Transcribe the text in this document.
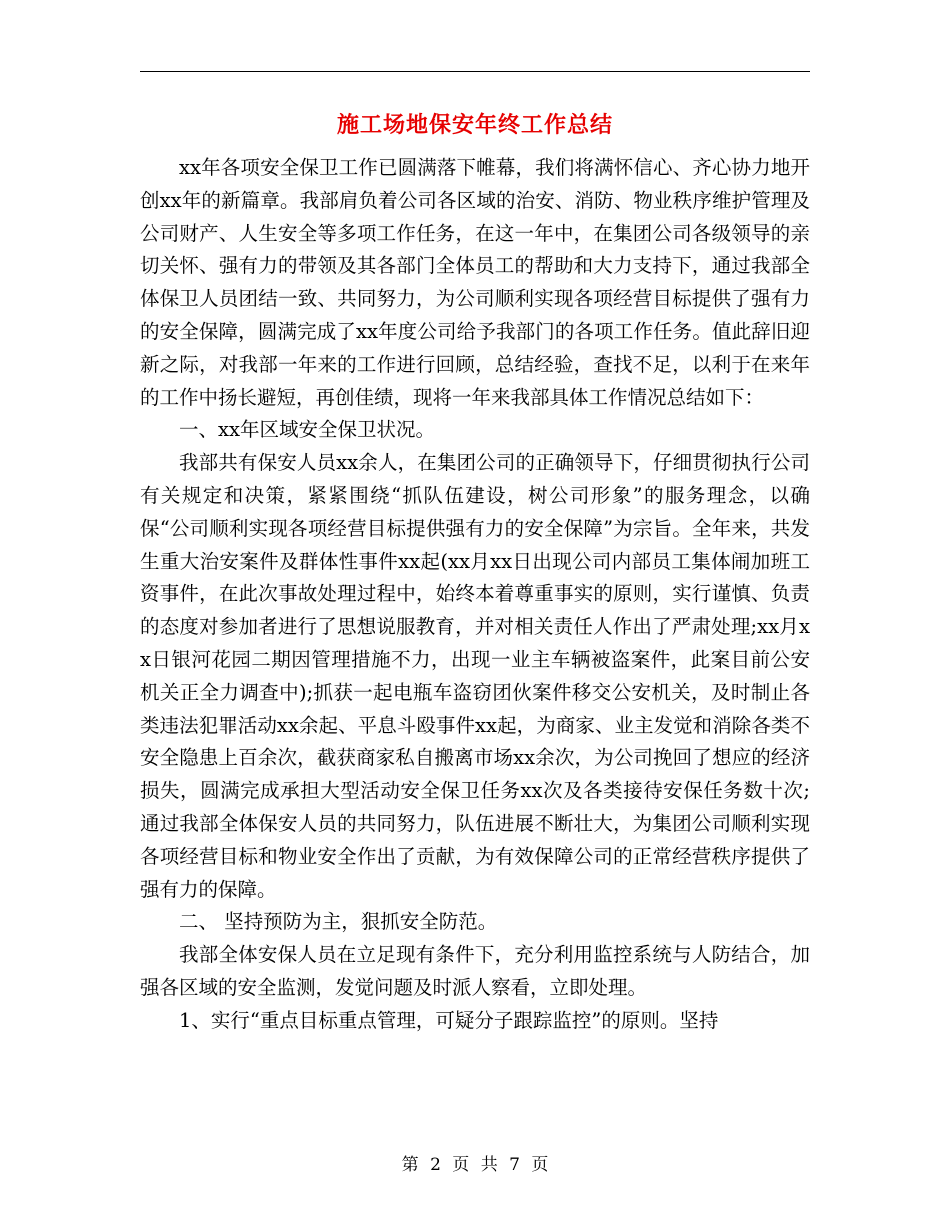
施工场地保安年终工作总结

xx年各项安全保卫工作已圆满落下帷幕，我们将满怀信心、齐心协力地开创xx年的新篇章。我部肩负着公司各区域的治安、消防、物业秩序维护管理及公司财产、人生安全等多项工作任务，在这一年中，在集团公司各级领导的亲切关怀、强有力的带领及其各部门全体员工的帮助和大力支持下，通过我部全体保卫人员团结一致、共同努力，为公司顺利实现各项经营目标提供了强有力的安全保障，圆满完成了xx年度公司给予我部门的各项工作任务。值此辞旧迎新之际，对我部一年来的工作进行回顾，总结经验，查找不足，以利于在来年的工作中扬长避短，再创佳绩，现将一年来我部具体工作情况总结如下：

一、xx年区域安全保卫状况。

我部共有保安人员xx余人，在集团公司的正确领导下，仔细贯彻执行公司有关规定和决策，紧紧围绕“抓队伍建设，树公司形象”的服务理念，以确保“公司顺利实现各项经营目标提供强有力的安全保障”为宗旨。全年来，共发生重大治安案件及群体性事件xx起(xx月xx日出现公司内部员工集体闹加班工资事件，在此次事故处理过程中，始终本着尊重事实的原则，实行谨慎、负责的态度对参加者进行了思想说服教育，并对相关责任人作出了严肃处理;xx月xx日银河花园二期因管理措施不力，出现一业主车辆被盗案件，此案目前公安机关正全力调查中);抓获一起电瓶车盗窃团伙案件移交公安机关，及时制止各类违法犯罪活动xx余起、平息斗殴事件xx起，为商家、业主发觉和消除各类不安全隐患上百余次，截获商家私自搬离市场xx余次，为公司挽回了想应的经济损失，圆满完成承担大型活动安全保卫任务xx次及各类接待安保任务数十次;通过我部全体保安人员的共同努力，队伍进展不断壮大，为集团公司顺利实现各项经营目标和物业安全作出了贡献，为有效保障公司的正常经营秩序提供了强有力的保障。

二、 坚持预防为主，狠抓安全防范。

我部全体安保人员在立足现有条件下，充分利用监控系统与人防结合，加强各区域的安全监测，发觉问题及时派人察看，立即处理。

1、实行“重点目标重点管理，可疑分子跟踪监控”的原则。坚持

第 2 页 共 7 页
